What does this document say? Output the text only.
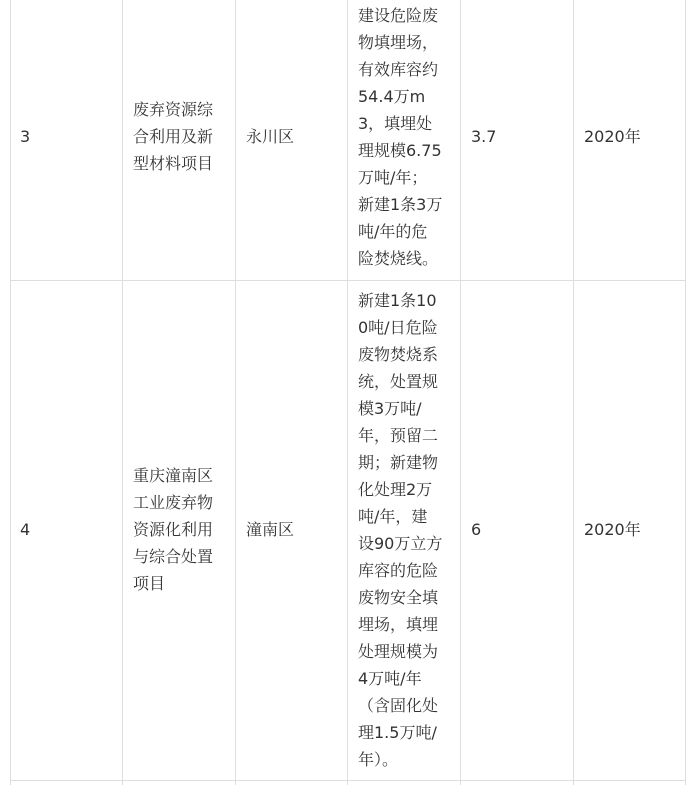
3
废弃资源综
合利用及新
型材料项目
永川区
建设危险废
物填埋场，
有效库容约
54.4万m
3，填埋处
理规模6.75
万吨/年；
新建1条3万
吨/年的危
险焚烧线。
3.7	2020年
4
重庆潼南区
工业废弃物
资源化利用
与综合处置
项目
潼南区
新建1条10
0吨/日危险
废物焚烧系
统，处置规
模3万吨/
年，预留二
期；新建物
化处理2万
吨/年，建
设90万立方
库容的危险
废物安全填
埋场，填埋
处理规模为
4万吨/年
（含固化处
理1.5万吨/
年）。
6	2020年
